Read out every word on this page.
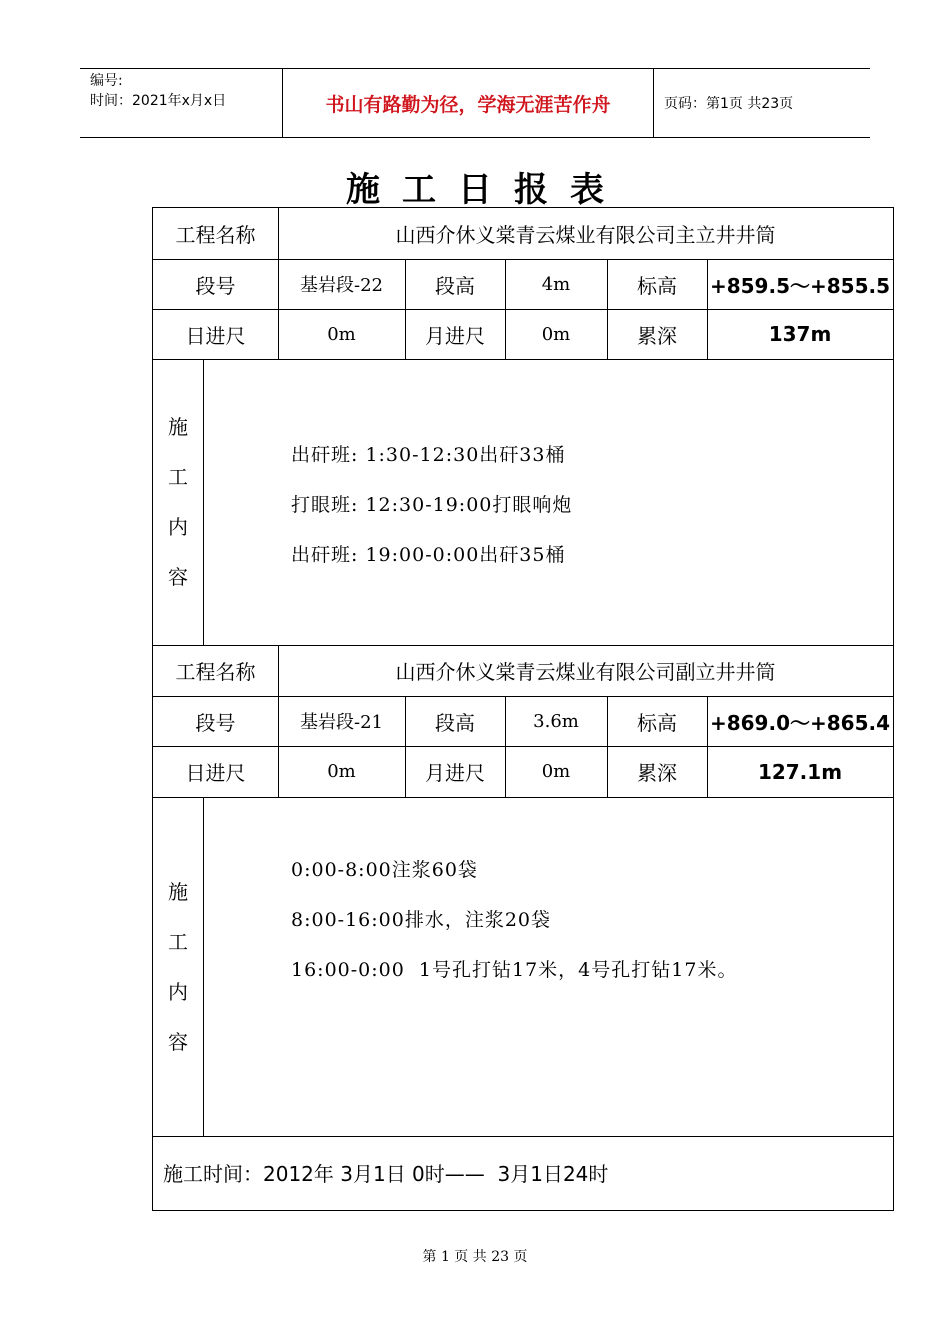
编号:
时间：2021年x月x日	书山有路勤为径，学海无涯苦作舟	页码：第1页 共23页
施工日报表
工程名称	山西介休义棠青云煤业有限公司主立井井筒
段号	基岩段-22	段高	4m	标高	+859.5～+855.5
日进尺	0m	月进尺	0m	累深	137m
施
工
内
容
出矸班: 1:30-12:30出矸33桶
打眼班: 12:30-19:00打眼响炮
出矸班: 19:00-0:00出矸35桶
工程名称	山西介休义棠青云煤业有限公司副立井井筒
段号	基岩段-21	段高	3.6m	标高	+869.0～+865.4
日进尺	0m	月进尺	0m	累深	127.1m
施
工
内
容
0:00-8:00注浆60袋
8:00-16:00排水，注浆20袋
16:00-0:00  1号孔打钻17米，4号孔打钻17米。
施工时间：2012年 3月1日 0时——  3月1日24时
第 1 页 共 23 页
